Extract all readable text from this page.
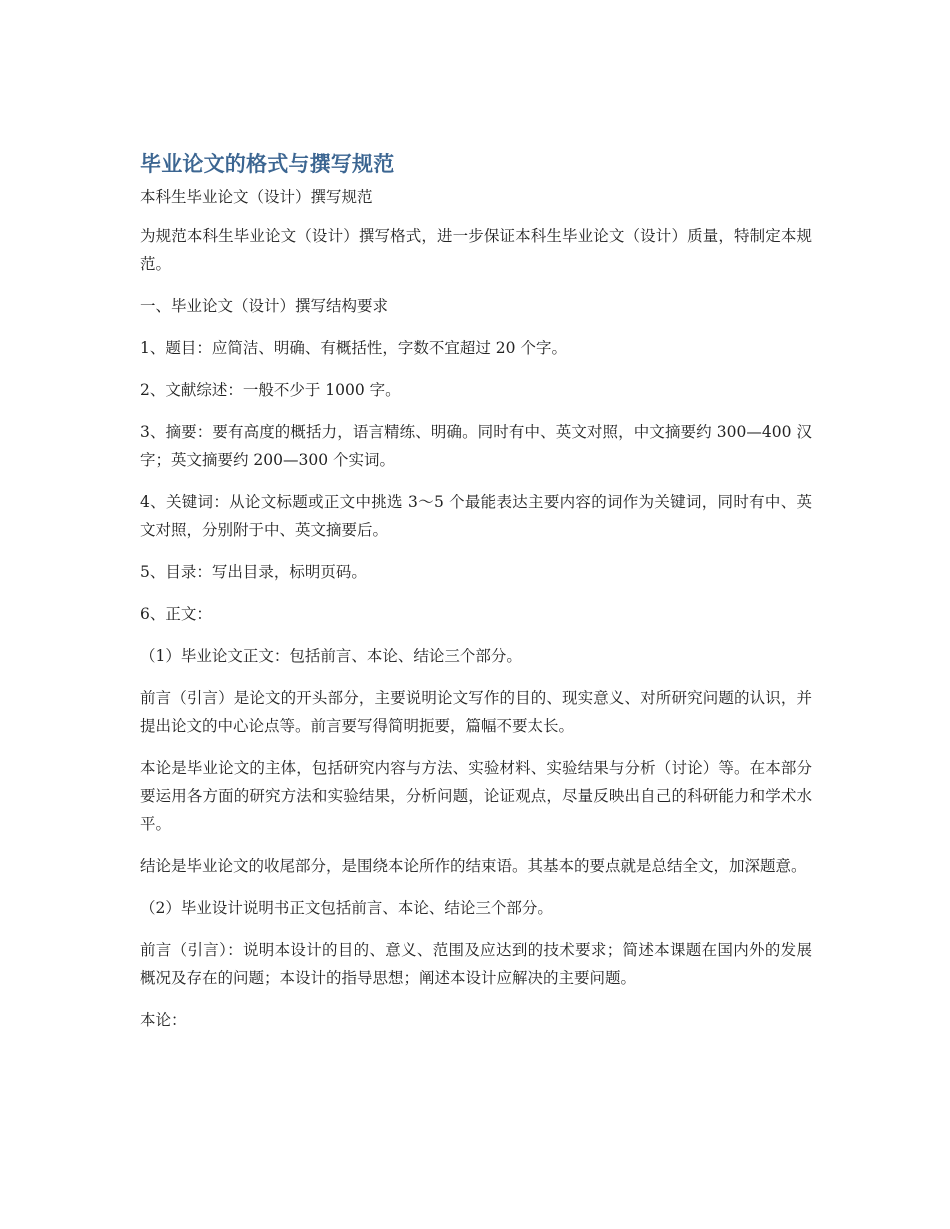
毕业论文的格式与撰写规范
本科生毕业论文（设计）撰写规范

为规范本科生毕业论文（设计）撰写格式，进一步保证本科生毕业论文（设计）质量，特制定本规范。

一、毕业论文（设计）撰写结构要求

1、题目：应简洁、明确、有概括性，字数不宜超过 20 个字。

2、文献综述：一般不少于 1000 字。

3、摘要：要有高度的概括力，语言精练、明确。同时有中、英文对照，中文摘要约 300—400 汉字；英文摘要约 200—300 个实词。

4、关键词：从论文标题或正文中挑选 3～5 个最能表达主要内容的词作为关键词，同时有中、英文对照，分别附于中、英文摘要后。

5、目录：写出目录，标明页码。

6、正文：

（1）毕业论文正文：包括前言、本论、结论三个部分。

前言（引言）是论文的开头部分，主要说明论文写作的目的、现实意义、对所研究问题的认识，并提出论文的中心论点等。前言要写得简明扼要，篇幅不要太长。

本论是毕业论文的主体，包括研究内容与方法、实验材料、实验结果与分析（讨论）等。在本部分要运用各方面的研究方法和实验结果，分析问题，论证观点，尽量反映出自己的科研能力和学术水平。

结论是毕业论文的收尾部分，是围绕本论所作的结束语。其基本的要点就是总结全文，加深题意。

（2）毕业设计说明书正文包括前言、本论、结论三个部分。

前言（引言）：说明本设计的目的、意义、范围及应达到的技术要求；简述本课题在国内外的发展概况及存在的问题；本设计的指导思想；阐述本设计应解决的主要问题。

本论：
